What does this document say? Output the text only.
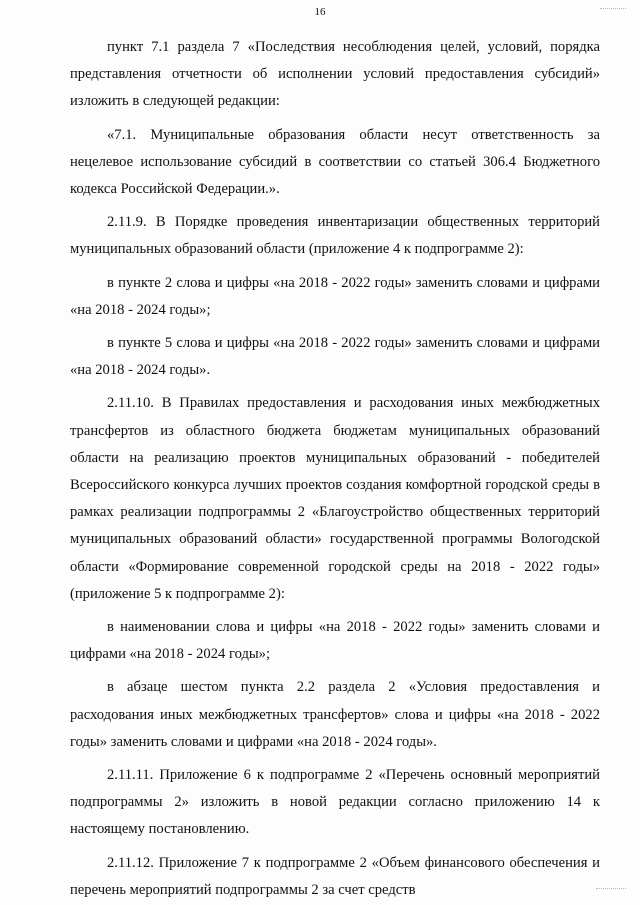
16

пункт 7.1 раздела 7 «Последствия несоблюдения целей, условий, порядка представления отчетности об исполнении условий предоставления субсидий» изложить в следующей редакции:

«7.1. Муниципальные образования области несут ответственность за нецелевое использование субсидий в соответствии со статьей 306.4 Бюджетного кодекса Российской Федерации.».

2.11.9. В Порядке проведения инвентаризации общественных территорий муниципальных образований области (приложение 4 к подпрограмме 2):

в пункте 2 слова и цифры «на 2018 - 2022 годы» заменить словами и цифрами «на 2018 - 2024 годы»;

в пункте 5 слова и цифры «на 2018 - 2022 годы» заменить словами и цифрами «на 2018 - 2024 годы».

2.11.10. В Правилах предоставления и расходования иных межбюджетных трансфертов из областного бюджета бюджетам муниципальных образований области на реализацию проектов муниципальных образований - победителей Всероссийского конкурса лучших проектов создания комфортной городской среды в рамках реализации подпрограммы 2 «Благоустройство общественных территорий муниципальных образований области» государственной программы Вологодской области «Формирование современной городской среды на 2018 - 2022 годы» (приложение 5 к подпрограмме 2):

в наименовании слова и цифры «на 2018 - 2022 годы» заменить словами и цифрами «на 2018 - 2024 годы»;

в абзаце шестом пункта 2.2 раздела 2 «Условия предоставления и расходования иных межбюджетных трансфертов» слова и цифры «на 2018 - 2022 годы» заменить словами и цифрами «на 2018 - 2024 годы».

2.11.11. Приложение 6 к подпрограмме 2 «Перечень основный мероприятий подпрограммы 2» изложить в новой редакции согласно приложению 14 к настоящему постановлению.

2.11.12. Приложение 7 к подпрограмме 2 «Объем финансового обеспечения и перечень мероприятий подпрограммы 2 за счет средств
